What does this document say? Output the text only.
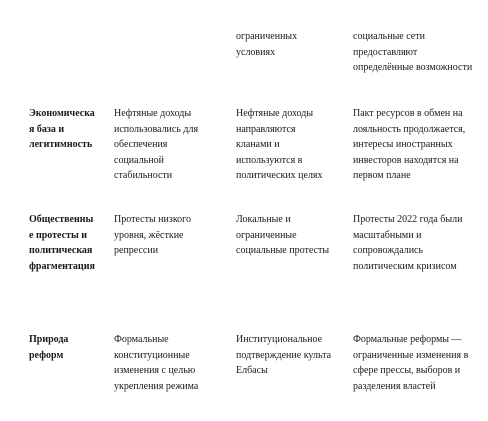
ограниченных
условиях

социальные сети
предоставляют
определённые возможности

Экономическа
я база и
легитимность

Нефтяные доходы
использовались для
обеспечения
социальной
стабильности

Нефтяные доходы
направляются
кланами и
используются в
политических целях

Пакт ресурсов в обмен на
лояльность продолжается,
интересы иностранных
инвесторов находятся на
первом плане

Общественны
е протесты и
политическая
фрагментация

Протесты низкого
уровня, жёсткие
репрессии

Локальные и
ограниченные
социальные протесты

Протесты 2022 года были
масштабными и
сопровождались
политическим кризисом

Природа
реформ

Формальные
конституционные
изменения с целью
укрепления режима

Институциональное
подтверждение культа
Елбасы

Формальные реформы —
ограниченные изменения в
сфере прессы, выборов и
разделения властей
